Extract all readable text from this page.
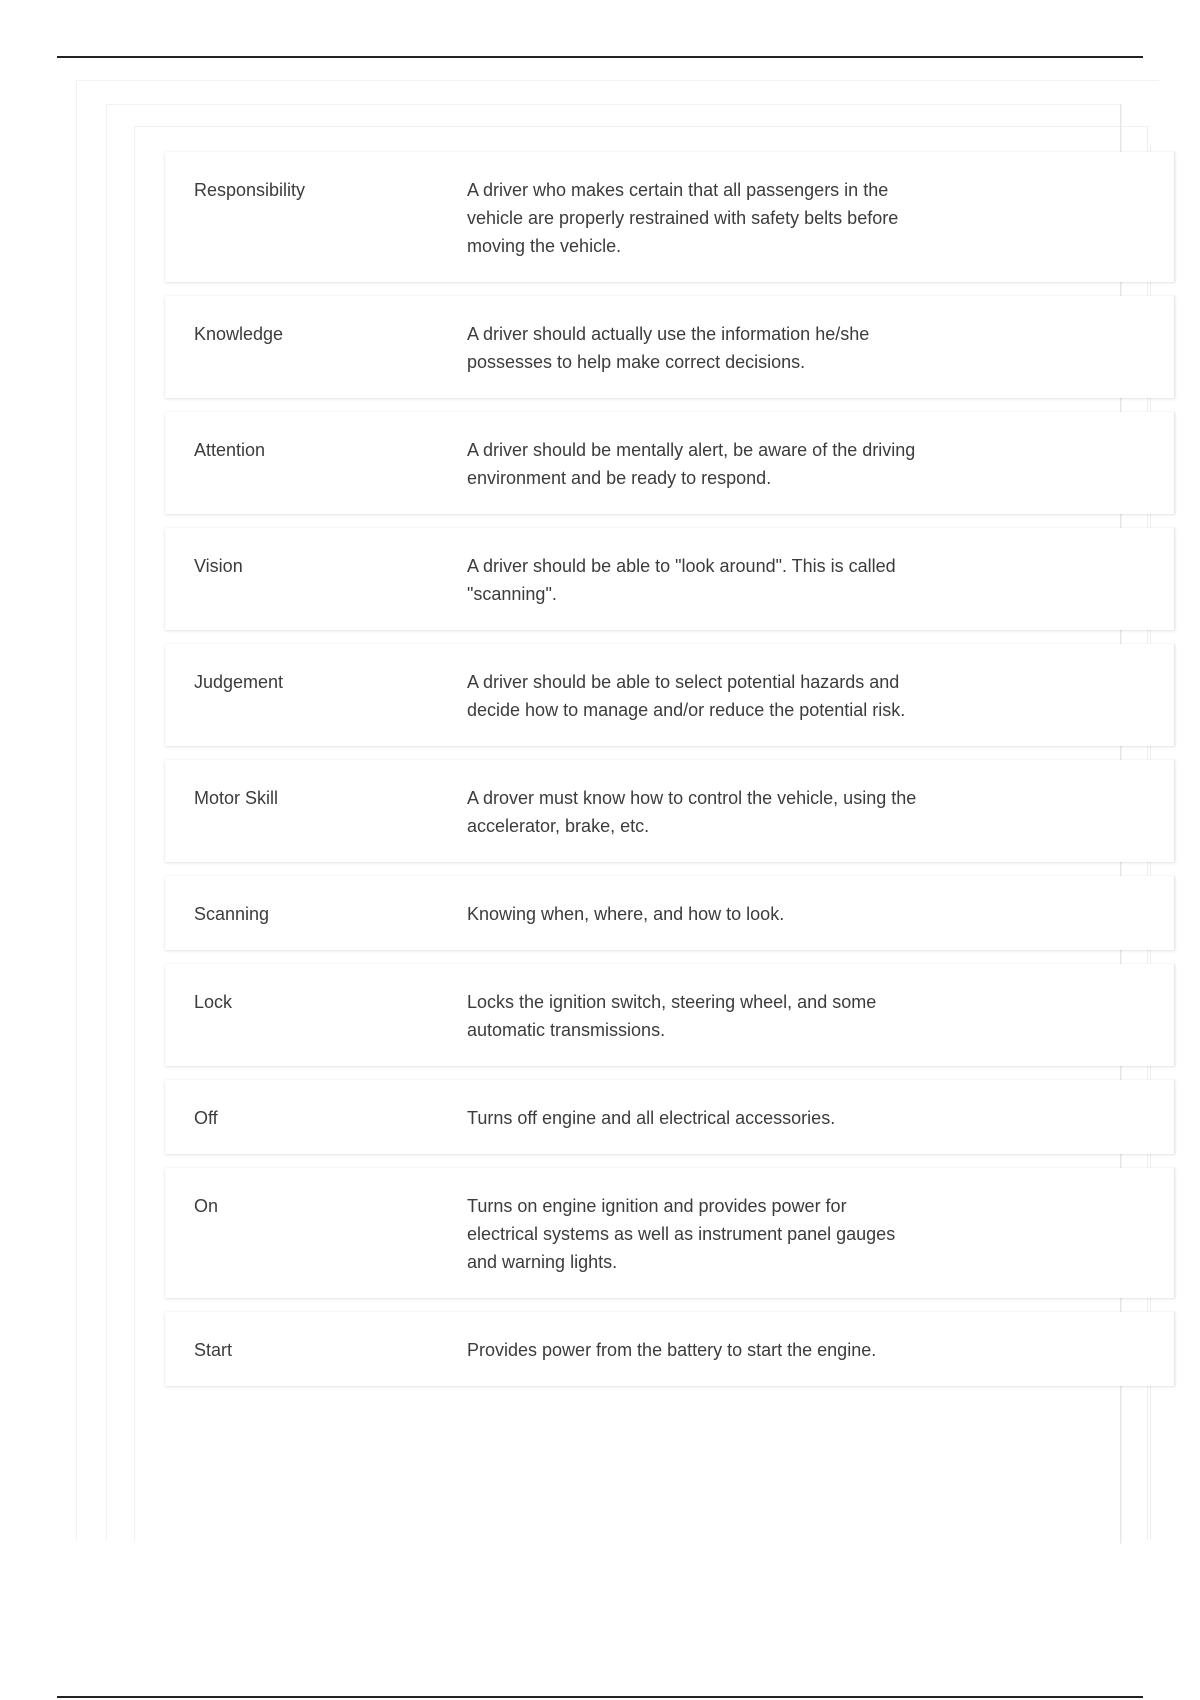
Responsibility	A driver who makes certain that all passengers in the vehicle are properly restrained with safety belts before moving the vehicle.
Knowledge	A driver should actually use the information he/she possesses to help make correct decisions.
Attention	A driver should be mentally alert, be aware of the driving environment and be ready to respond.
Vision	A driver should be able to "look around". This is called "scanning".
Judgement	A driver should be able to select potential hazards and decide how to manage and/or reduce the potential risk.
Motor Skill	A drover must know how to control the vehicle, using the accelerator, brake, etc.
Scanning	Knowing when, where, and how to look.
Lock	Locks the ignition switch, steering wheel, and some automatic transmissions.
Off	Turns off engine and all electrical accessories.
On	Turns on engine ignition and provides power for electrical systems as well as instrument panel gauges and warning lights.
Start	Provides power from the battery to start the engine.
